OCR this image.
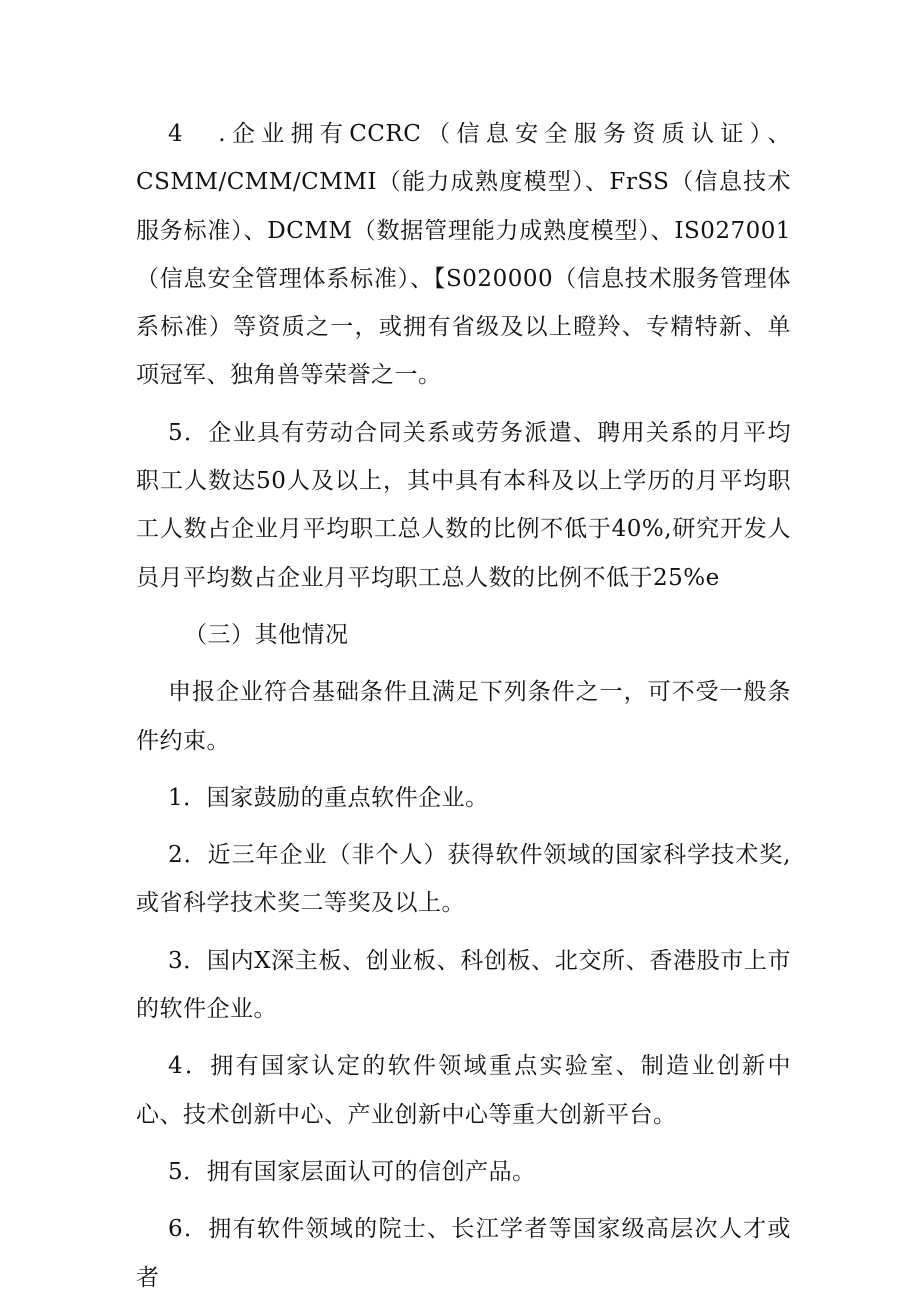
4　.企业拥有CCRC（信息安全服务资质认证）、CSMM/CMM/CMMI（能力成熟度模型）、FrSS（信息技术服务标准）、DCMM（数据管理能力成熟度模型）、IS027001（信息安全管理体系标准）、【S020000（信息技术服务管理体系标准）等资质之一，或拥有省级及以上瞪羚、专精特新、单项冠军、独角兽等荣誉之一。

5．企业具有劳动合同关系或劳务派遣、聘用关系的月平均职工人数达50人及以上，其中具有本科及以上学历的月平均职工人数占企业月平均职工总人数的比例不低于40%,研究开发人员月平均数占企业月平均职工总人数的比例不低于25%e

（三）其他情况

申报企业符合基础条件且满足下列条件之一，可不受一般条件约束。

1．国家鼓励的重点软件企业。

2．近三年企业（非个人）获得软件领域的国家科学技术奖,或省科学技术奖二等奖及以上。

3．国内X深主板、创业板、科创板、北交所、香港股市上市的软件企业。

4．拥有国家认定的软件领域重点实验室、制造业创新中心、技术创新中心、产业创新中心等重大创新平台。

5．拥有国家层面认可的信创产品。

6．拥有软件领域的院士、长江学者等国家级高层次人才或者
